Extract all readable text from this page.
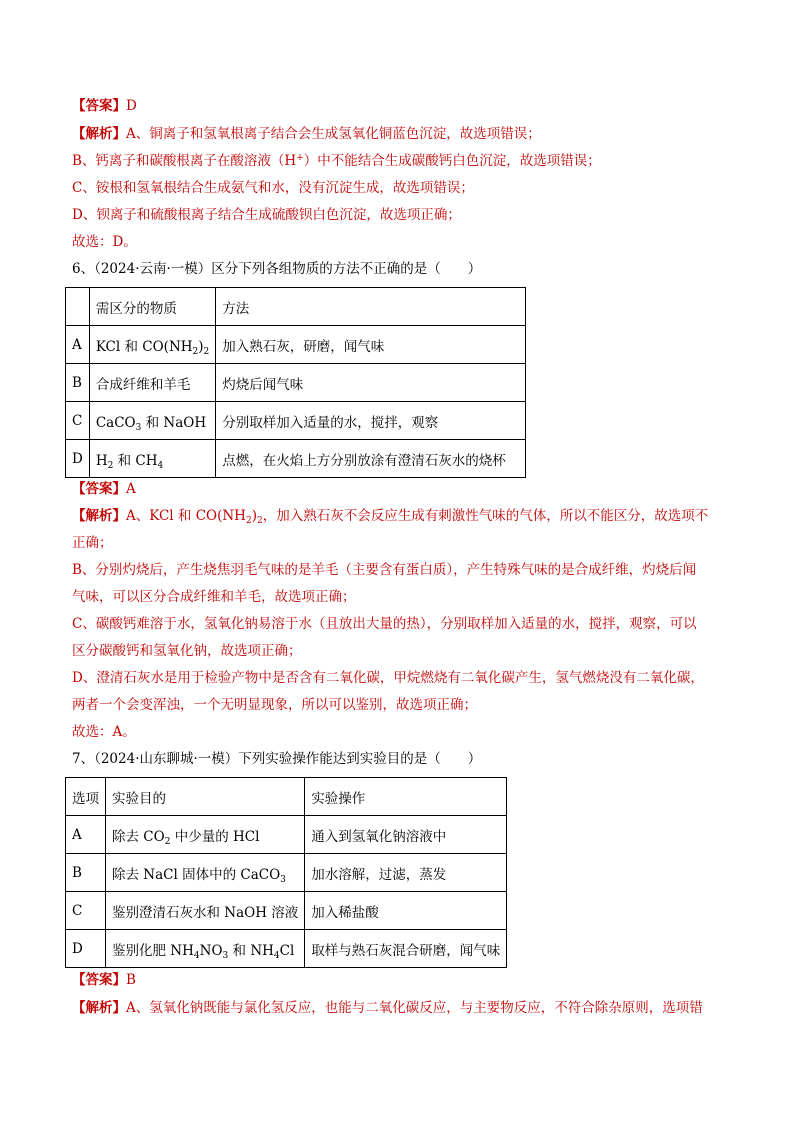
【答案】D
【解析】A、铜离子和氢氧根离子结合会生成氢氧化铜蓝色沉淀，故选项错误；
B、钙离子和碳酸根离子在酸溶液（H+）中不能结合生成碳酸钙白色沉淀，故选项错误；
C、铵根和氢氧根结合生成氨气和水，没有沉淀生成，故选项错误；
D、钡离子和硫酸根离子结合生成硫酸钡白色沉淀，故选项正确；
故选：D。
6、（2024·云南·一模）区分下列各组物质的方法不正确的是（　　）
	需区分的物质	方法
A	KCl 和 $CO(NH_2)_2$	加入熟石灰，研磨，闻气味
B	合成纤维和羊毛	灼烧后闻气味
C	CaCO$_3$ 和 NaOH	分别取样加入适量的水，搅拌，观察
D	$H_2$ 和 $CH_4$	点燃，在火焰上方分别放涂有澄清石灰水的烧杯
【答案】A
【解析】A、KCl 和 $CO(NH_2)_2$，加入熟石灰不会反应生成有刺激性气味的气体，所以不能区分，故选项不
正确；
B、分别灼烧后，产生烧焦羽毛气味的是羊毛（主要含有蛋白质），产生特殊气味的是合成纤维，灼烧后闻
气味，可以区分合成纤维和羊毛，故选项正确；
C、碳酸钙难溶于水，氢氧化钠易溶于水（且放出大量的热），分别取样加入适量的水，搅拌，观察，可以
区分碳酸钙和氢氧化钠，故选项正确；
D、澄清石灰水是用于检验产物中是否含有二氧化碳，甲烷燃烧有二氧化碳产生，氢气燃烧没有二氧化碳，
两者一个会变浑浊，一个无明显现象，所以可以鉴别，故选项正确；
故选：A。
7、（2024·山东聊城·一模）下列实验操作能达到实验目的是（　　）
选项	实验目的	实验操作
A	除去 $CO_2$ 中少量的 HCl	通入到氢氧化钠溶液中
B	除去 NaCl 固体中的 CaCO$_3$	加水溶解，过滤，蒸发
C	鉴别澄清石灰水和 NaOH 溶液	加入稀盐酸
D	鉴别化肥 $NH_4NO_3$ 和 $NH_4Cl$	取样与熟石灰混合研磨，闻气味
【答案】B
【解析】A、氢氧化钠既能与氯化氢反应，也能与二氧化碳反应，与主要物反应，不符合除杂原则，选项错
